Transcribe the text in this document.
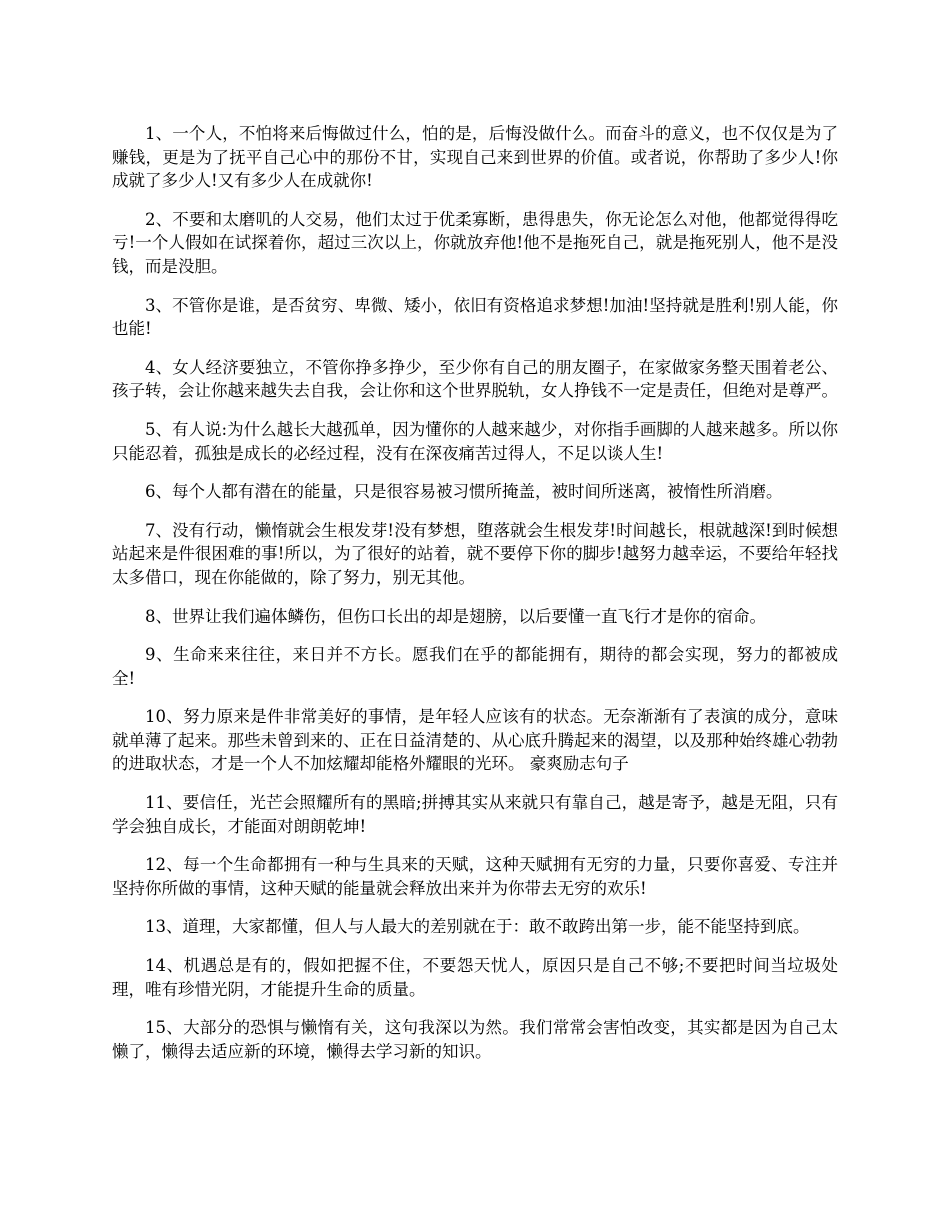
1、一个人，不怕将来后悔做过什么，怕的是，后悔没做什么。而奋斗的意义，也不仅仅是为了赚钱，更是为了抚平自己心中的那份不甘，实现自己来到世界的价值。或者说，你帮助了多少人!你成就了多少人!又有多少人在成就你!

2、不要和太磨叽的人交易，他们太过于优柔寡断，患得患失，你无论怎么对他，他都觉得得吃亏!一个人假如在试探着你，超过三次以上，你就放弃他!他不是拖死自己，就是拖死别人，他不是没钱，而是没胆。

3、不管你是谁，是否贫穷、卑微、矮小，依旧有资格追求梦想!加油!坚持就是胜利!别人能，你也能!

4、女人经济要独立，不管你挣多挣少，至少你有自己的朋友圈子，在家做家务整天围着老公、孩子转，会让你越来越失去自我，会让你和这个世界脱轨，女人挣钱不一定是责任，但绝对是尊严。

5、有人说:为什么越长大越孤单，因为懂你的人越来越少，对你指手画脚的人越来越多。所以你只能忍着，孤独是成长的必经过程，没有在深夜痛苦过得人，不足以谈人生!

6、每个人都有潜在的能量，只是很容易被习惯所掩盖，被时间所迷离，被惰性所消磨。

7、没有行动，懒惰就会生根发芽!没有梦想，堕落就会生根发芽!时间越长，根就越深!到时候想站起来是件很困难的事!所以，为了很好的站着，就不要停下你的脚步!越努力越幸运，不要给年轻找太多借口，现在你能做的，除了努力，别无其他。

8、世界让我们遍体鳞伤，但伤口长出的却是翅膀，以后要懂一直飞行才是你的宿命。

9、生命来来往往，来日并不方长。愿我们在乎的都能拥有，期待的都会实现，努力的都被成全!

10、努力原来是件非常美好的事情，是年轻人应该有的状态。无奈渐渐有了表演的成分，意味就单薄了起来。那些未曾到来的、正在日益清楚的、从心底升腾起来的渴望，以及那种始终雄心勃勃的进取状态，才是一个人不加炫耀却能格外耀眼的光环。 豪爽励志句子

11、要信任，光芒会照耀所有的黑暗;拼搏其实从来就只有靠自己，越是寄予，越是无阻，只有学会独自成长，才能面对朗朗乾坤!

12、每一个生命都拥有一种与生具来的天赋，这种天赋拥有无穷的力量，只要你喜爱、专注并坚持你所做的事情，这种天赋的能量就会释放出来并为你带去无穷的欢乐!

13、道理，大家都懂，但人与人最大的差别就在于：敢不敢跨出第一步，能不能坚持到底。

14、机遇总是有的，假如把握不住，不要怨天忧人，原因只是自己不够;不要把时间当垃圾处理，唯有珍惜光阴，才能提升生命的质量。

15、大部分的恐惧与懒惰有关，这句我深以为然。我们常常会害怕改变，其实都是因为自己太懒了，懒得去适应新的环境，懒得去学习新的知识。
